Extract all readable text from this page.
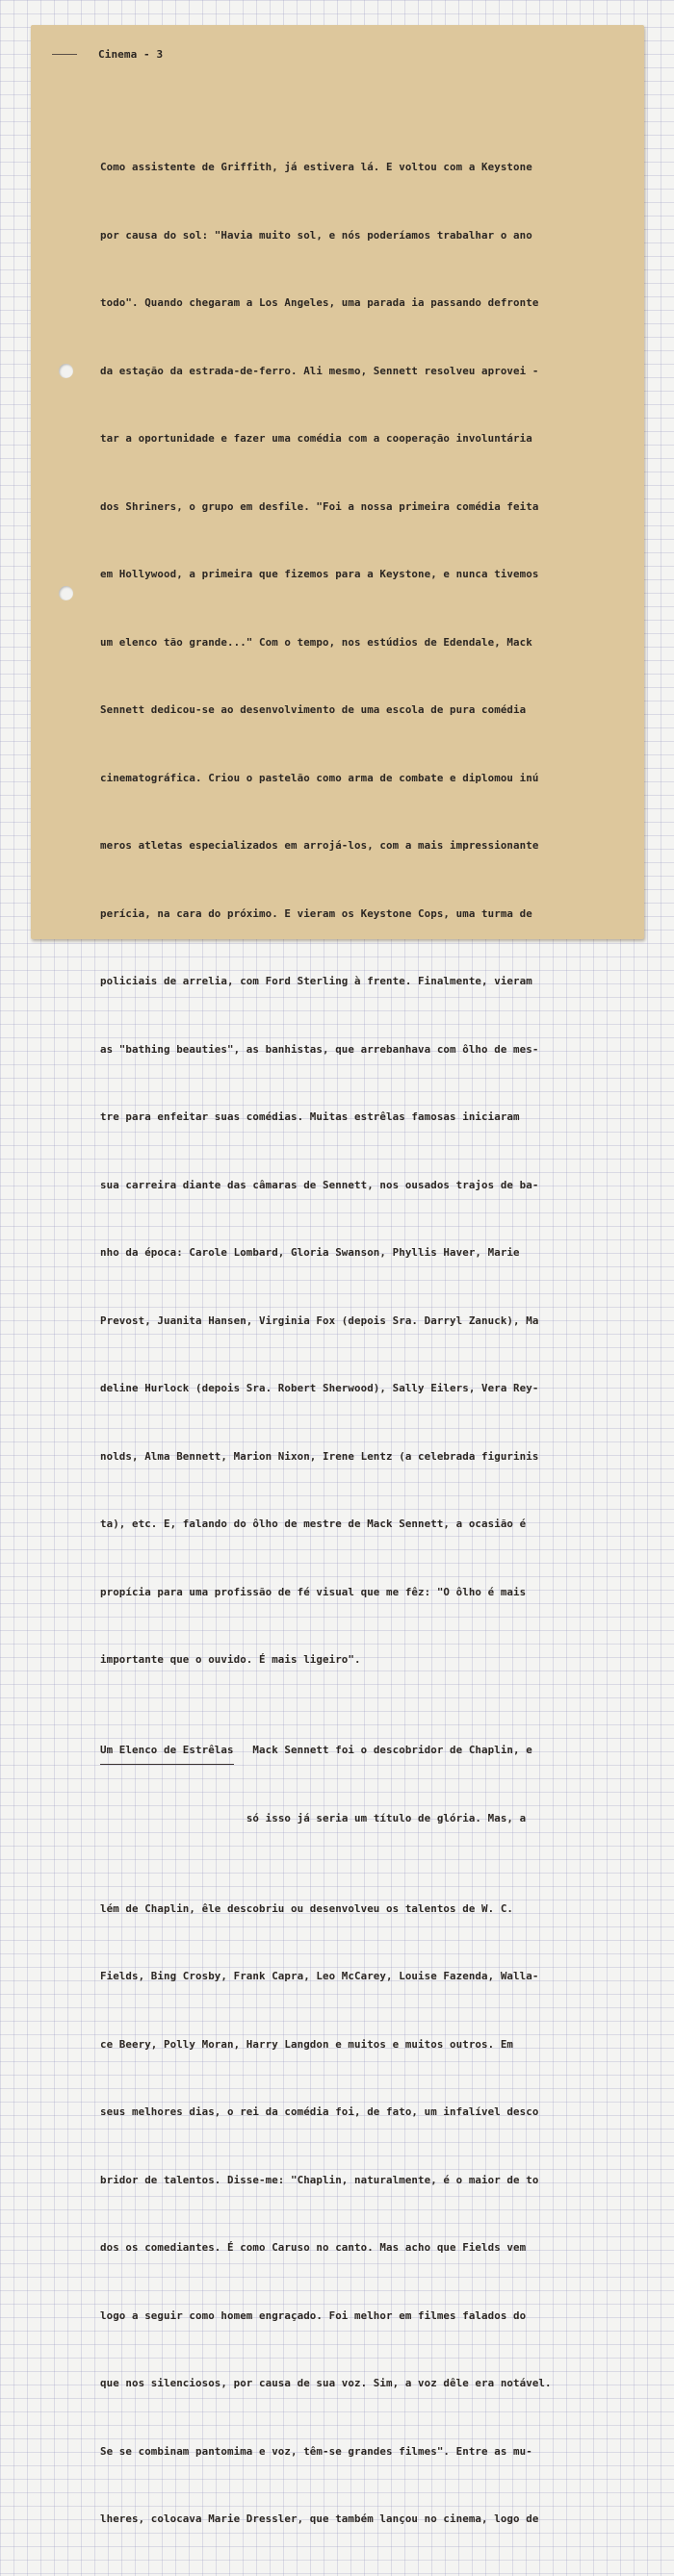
Cinema - 3

Como assistente de Griffith, já estivera lá. E voltou com a Keystone

por causa do sol: "Havia muito sol, e nós poderíamos trabalhar o ano

todo". Quando chegaram a Los Angeles, uma parada ia passando defronte

da estação da estrada-de-ferro. Ali mesmo, Sennett resolveu aprovei -

tar a oportunidade e fazer uma comédia com a cooperação involuntária

dos Shriners, o grupo em desfile. "Foi a nossa primeira comédia feita

em Hollywood, a primeira que fizemos para a Keystone, e nunca tivemos

um elenco tão grande..." Com o tempo, nos estúdios de Edendale, Mack

Sennett dedicou-se ao desenvolvimento de uma escola de pura comédia

cinematográfica. Criou o pastelão como arma de combate e diplomou inú

meros atletas especializados em arrojá-los, com a mais impressionante

perícia, na cara do próximo. E vieram os Keystone Cops, uma turma de

policiais de arrelia, com Ford Sterling à frente. Finalmente, vieram

as "bathing beauties", as banhistas, que arrebanhava com ôlho de mes-

tre para enfeitar suas comédias. Muitas estrêlas famosas iniciaram

sua carreira diante das câmaras de Sennett, nos ousados trajos de ba-

nho da época: Carole Lombard, Gloria Swanson, Phyllis Haver, Marie

Prevost, Juanita Hansen, Virginia Fox (depois Sra. Darryl Zanuck), Ma

deline Hurlock (depois Sra. Robert Sherwood), Sally Eilers, Vera Rey-

nolds, Alma Bennett, Marion Nixon, Irene Lentz (a celebrada figurinis

ta), etc. E, falando do ôlho de mestre de Mack Sennett, a ocasião é

propícia para uma profissão de fé visual que me fêz: "O ôlho é mais

importante que o ouvido. É mais ligeiro".

Um Elenco de Estrêlas Mack Sennett foi o descobridor de Chaplin, e

só isso já seria um título de glória. Mas, a

lém de Chaplin, êle descobriu ou desenvolveu os talentos de W. C.

Fields, Bing Crosby, Frank Capra, Leo McCarey, Louise Fazenda, Walla-

ce Beery, Polly Moran, Harry Langdon e muitos e muitos outros. Em

seus melhores dias, o rei da comédia foi, de fato, um infalível desco

bridor de talentos. Disse-me: "Chaplin, naturalmente, é o maior de to

dos os comediantes. É como Caruso no canto. Mas acho que Fields vem

logo a seguir como homem engraçado. Foi melhor em filmes falados do

que nos silenciosos, por causa de sua voz. Sim, a voz dêle era notável.

Se se combinam pantomima e voz, têm-se grandes filmes". Entre as mu-

lheres, colocava Marie Dressler, que também lançou no cinema, logo de
